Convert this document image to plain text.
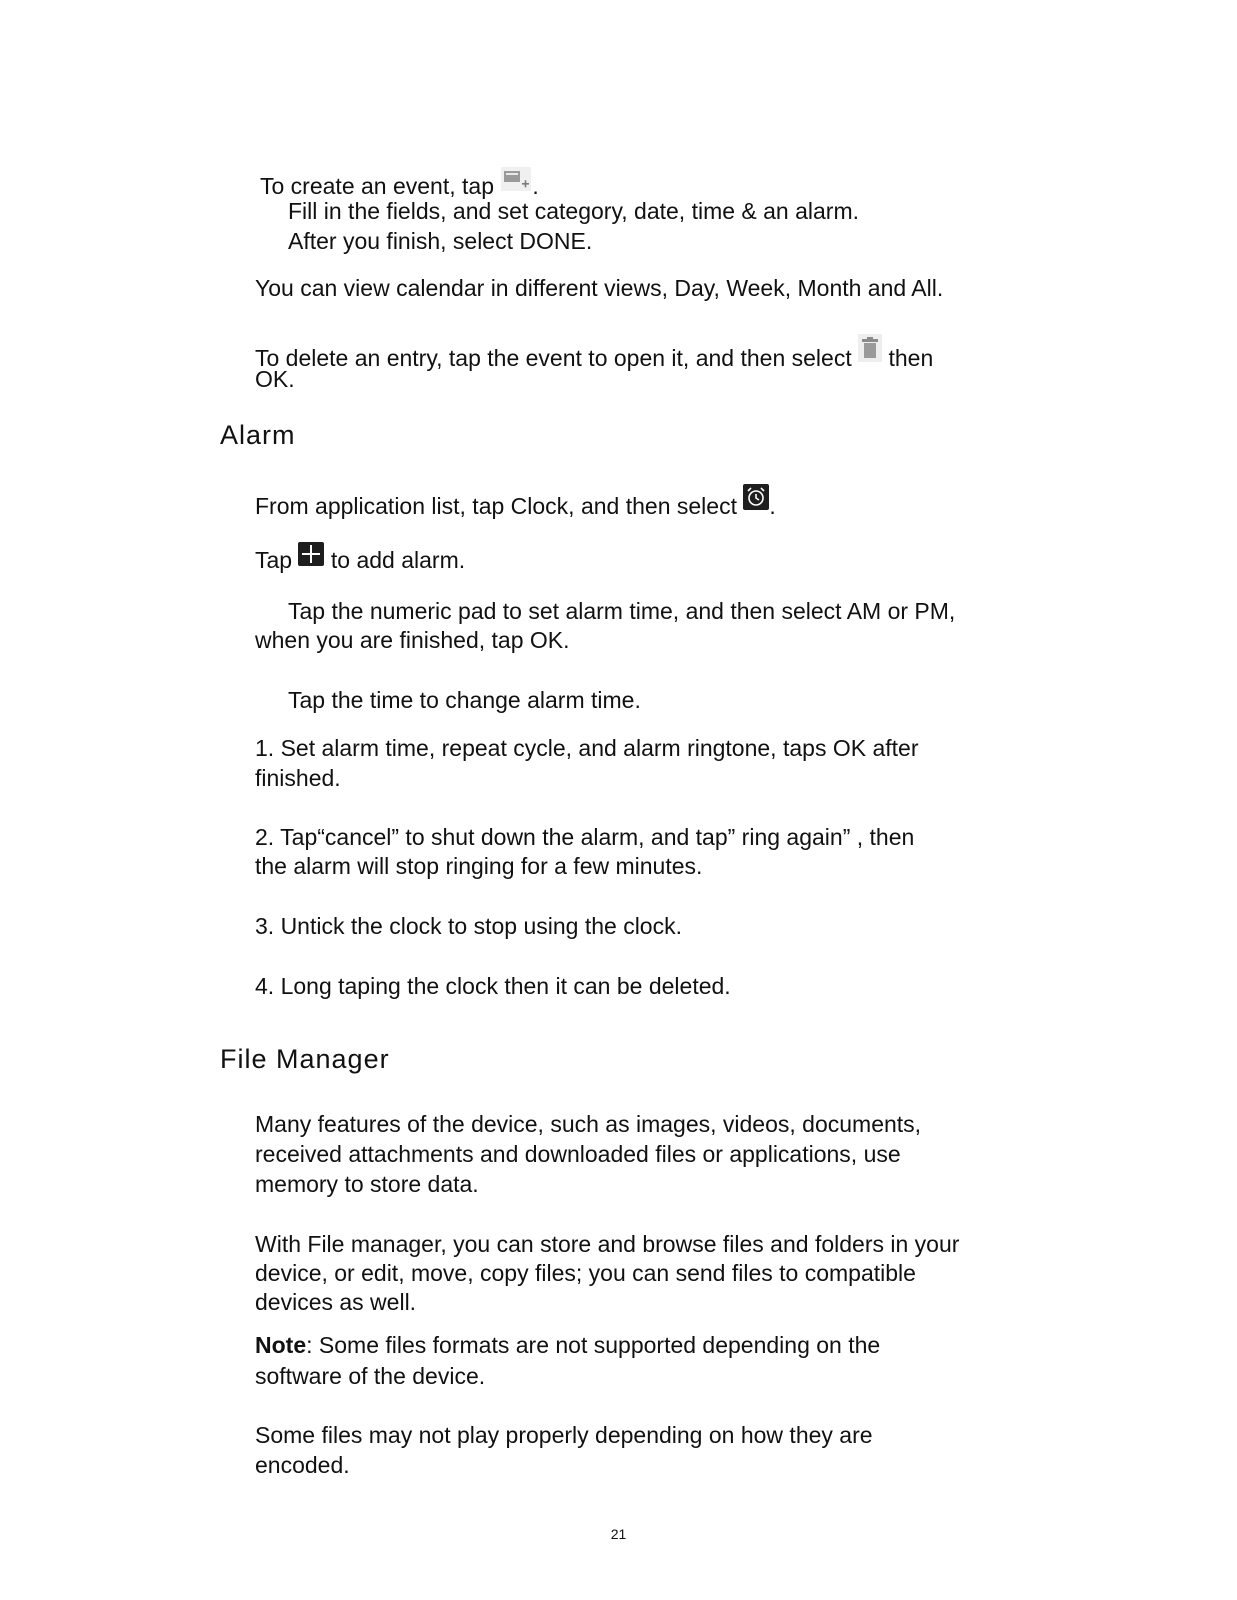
To create an event, tap .
Fill in the fields, and set category, date, time & an alarm.
After you finish, select DONE.
You can view calendar in different views, Day, Week, Month and All.
To delete an entry, tap the event to open it, and then select  then
OK.
Alarm
From application list, tap Clock, and then select .
Tap  to add alarm.
Tap the numeric pad to set alarm time, and then select AM or PM,
when you are finished, tap OK.
Tap the time to change alarm time.
1. Set alarm time, repeat cycle, and alarm ringtone, taps OK after
finished.
2. Tap“cancel” to shut down the alarm, and tap” ring again” , then
the alarm will stop ringing for a few minutes.
3. Untick the clock to stop using the clock.
4. Long taping the clock then it can be deleted.
File Manager
Many features of the device, such as images, videos, documents,
received attachments and downloaded files or applications, use
memory to store data.
With File manager, you can store and browse files and folders in your
device, or edit, move, copy files; you can send files to compatible
devices as well.
Note: Some files formats are not supported depending on the
software of the device.
Some files may not play properly depending on how they are
encoded.
21
